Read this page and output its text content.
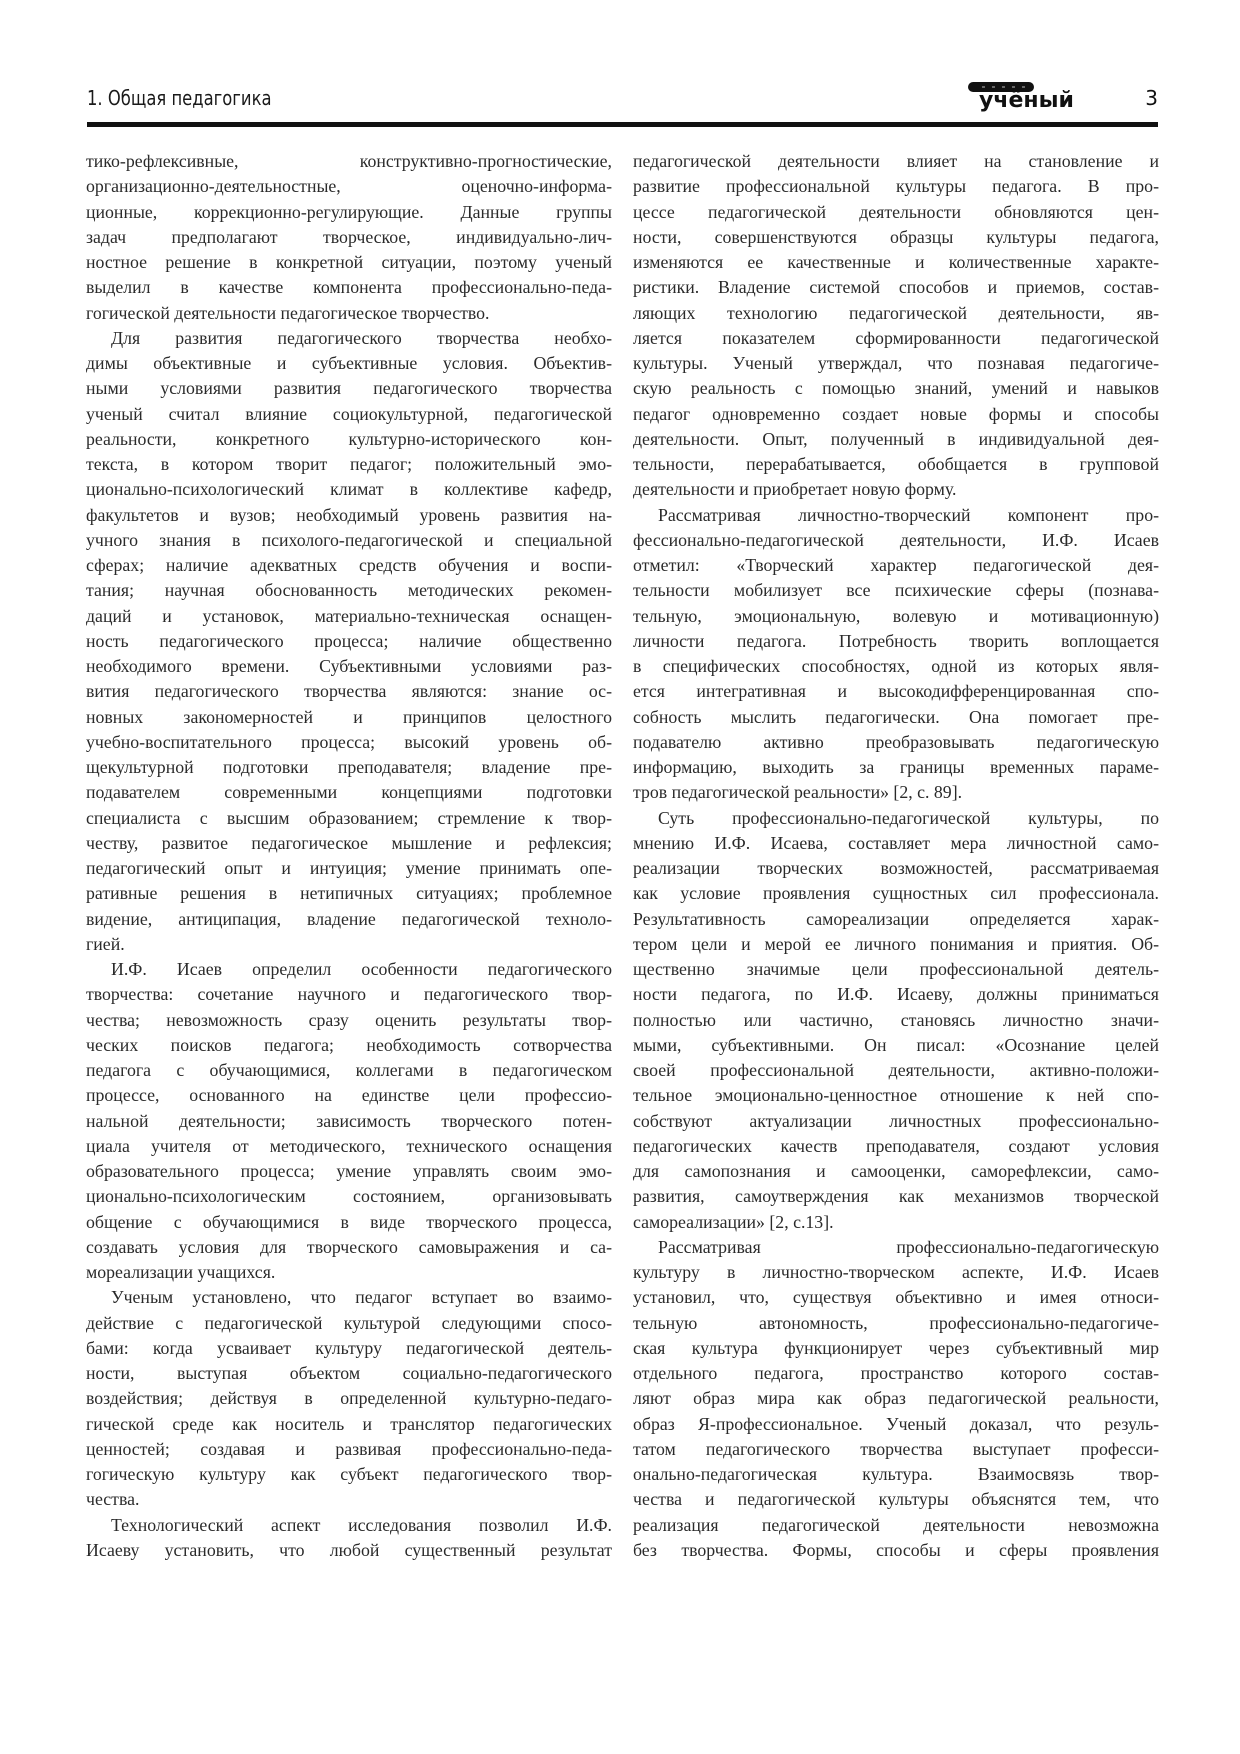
1. Общая педагогика	учёный	3

тико-рефлексивные, конструктивно-прогностические,
организационно-деятельностные, оценочно-информа-
ционные, коррекционно-регулирующие. Данные группы
задач предполагают творческое, индивидуально-лич-
ностное решение в конкретной ситуации, поэтому ученый
выделил в качестве компонента профессионально-педа-
гогической деятельности педагогическое творчество.

Для развития педагогического творчества необхо-
димы объективные и субъективные условия. Объектив-
ными условиями развития педагогического творчества
ученый считал влияние социокультурной, педагогической
реальности, конкретного культурно-исторического кон-
текста, в котором творит педагог; положительный эмо-
ционально-психологический климат в коллективе кафедр,
факультетов и вузов; необходимый уровень развития на-
учного знания в психолого-педагогической и специальной
сферах; наличие адекватных средств обучения и воспи-
тания; научная обоснованность методических рекомен-
даций и установок, материально-техническая оснащен-
ность педагогического процесса; наличие общественно
необходимого времени. Субъективными условиями раз-
вития педагогического творчества являются: знание ос-
новных закономерностей и принципов целостного
учебно-воспитательного процесса; высокий уровень об-
щекультурной подготовки преподавателя; владение пре-
подавателем современными концепциями подготовки
специалиста с высшим образованием; стремление к твор-
честву, развитое педагогическое мышление и рефлексия;
педагогический опыт и интуиция; умение принимать опе-
ративные решения в нетипичных ситуациях; проблемное
видение, антиципация, владение педагогической техноло-
гией.

И.Ф. Исаев определил особенности педагогического
творчества: сочетание научного и педагогического твор-
чества; невозможность сразу оценить результаты твор-
ческих поисков педагога; необходимость сотворчества
педагога с обучающимися, коллегами в педагогическом
процессе, основанного на единстве цели профессио-
нальной деятельности; зависимость творческого потен-
циала учителя от методического, технического оснащения
образовательного процесса; умение управлять своим эмо-
ционально-психологическим состоянием, организовывать
общение с обучающимися в виде творческого процесса,
создавать условия для творческого самовыражения и са-
мореализации учащихся.

Ученым установлено, что педагог вступает во взаимо-
действие с педагогической культурой следующими спосо-
бами: когда усваивает культуру педагогической деятель-
ности, выступая объектом социально-педагогического
воздействия; действуя в определенной культурно-педаго-
гической среде как носитель и транслятор педагогических
ценностей; создавая и развивая профессионально-педа-
гогическую культуру как субъект педагогического твор-
чества.

Технологический аспект исследования позволил И.Ф.
Исаеву установить, что любой существенный результат

педагогической деятельности влияет на становление и
развитие профессиональной культуры педагога. В про-
цессе педагогической деятельности обновляются цен-
ности, совершенствуются образцы культуры педагога,
изменяются ее качественные и количественные характе-
ристики. Владение системой способов и приемов, состав-
ляющих технологию педагогической деятельности, яв-
ляется показателем сформированности педагогической
культуры. Ученый утверждал, что познавая педагогиче-
скую реальность с помощью знаний, умений и навыков
педагог одновременно создает новые формы и способы
деятельности. Опыт, полученный в индивидуальной дея-
тельности, перерабатывается, обобщается в групповой
деятельности и приобретает новую форму.

Рассматривая личностно-творческий компонент про-
фессионально-педагогической деятельности, И.Ф. Исаев
отметил: «Творческий характер педагогической дея-
тельности мобилизует все психические сферы (познава-
тельную, эмоциональную, волевую и мотивационную)
личности педагога. Потребность творить воплощается
в специфических способностях, одной из которых явля-
ется интегративная и высокодифференцированная спо-
собность мыслить педагогически. Она помогает пре-
подавателю активно преобразовывать педагогическую
информацию, выходить за границы временных параме-
тров педагогической реальности» [2, с. 89].

Суть профессионально-педагогической культуры, по
мнению И.Ф. Исаева, составляет мера личностной само-
реализации творческих возможностей, рассматриваемая
как условие проявления сущностных сил профессионала.
Результативность самореализации определяется харак-
тером цели и мерой ее личного понимания и приятия. Об-
щественно значимые цели профессиональной деятель-
ности педагога, по И.Ф. Исаеву, должны приниматься
полностью или частично, становясь личностно значи-
мыми, субъективными. Он писал: «Осознание целей
своей профессиональной деятельности, активно-положи-
тельное эмоционально-ценностное отношение к ней спо-
собствуют актуализации личностных профессионально-
педагогических качеств преподавателя, создают условия
для самопознания и самооценки, саморефлексии, само-
развития, самоутверждения как механизмов творческой
самореализации» [2, с.13].

Рассматривая профессионально-педагогическую
культуру в личностно-творческом аспекте, И.Ф. Исаев
установил, что, существуя объективно и имея относи-
тельную автономность, профессионально-педагогиче-
ская культура функционирует через субъективный мир
отдельного педагога, пространство которого состав-
ляют образ мира как образ педагогической реальности,
образ Я-профессиональное. Ученый доказал, что резуль-
татом педагогического творчества выступает професси-
онально-педагогическая культура. Взаимосвязь твор-
чества и педагогической культуры объяснятся тем, что
реализация педагогической деятельности невозможна
без творчества. Формы, способы и сферы проявления
